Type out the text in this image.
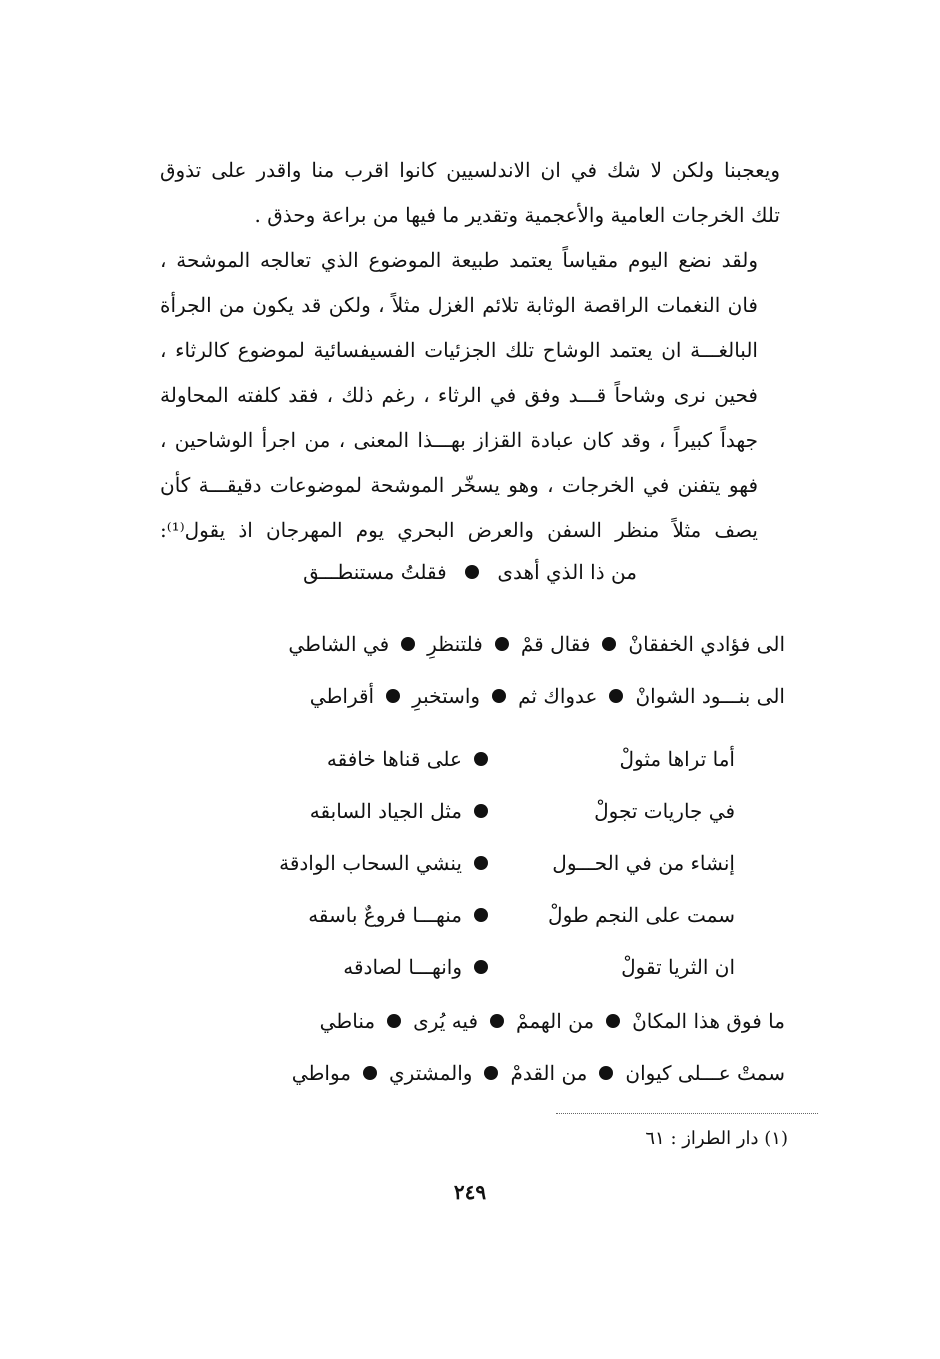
ويعجبنا ولكن لا شك في ان الاندلسيين كانوا اقرب منا واقدر على تذوق
تلك الخرجات العامية والأعجمية وتقدير ما فيها من براعة وحذق .

ولقد نضع اليوم مقياساً يعتمد طبيعة الموضوع الذي تعالجه الموشحة ،
فان النغمات الراقصة الوثابة تلائم الغزل مثلاً ، ولكن قد يكون من الجرأة
البالغـــة ان يعتمد الوشاح تلك الجزئيات الفسيفسائية لموضوع كالرثاء ،
فحين نرى وشاحاً قـــد وفق في الرثاء ، رغم ذلك ، فقد كلفته المحاولة
جهداً كبيراً ، وقد كان عبادة القزاز بهـــذا المعنى ، من اجرأ الوشاحين ،
فهو يتفنن في الخرجات ، وهو يسخّر الموشحة لموضوعات دقيقـــة كأن
يصف مثلاً منظر السفن والعرض البحري يوم المهرجان اذ يقول⁽¹⁾:

من ذا الذي أهدى  فقلتُ مستنطـــق
الى فؤادي الخفقانْ
فقال قمْ
فلتنظرِ
في الشاطي
الى بنـــود الشوانْ
عدواك ثم
واستخبرِ
أقراطي
أما تراها مثولْ
على قناها خافقه
في جاريات تجولْ
مثل الجياد السابقه
إنشاء من في الحـــول
ينشي السحاب الوادقة
سمت على النجم طولْ
منهـــا فروعٌ باسقه
ان الثريا تقولْ
وانهـــا لصادقه
ما فوق هذا المكانْ
من الهممْ
فيه يُرى
مناطي
سمتْ عـــلى كيوان
من القدمْ
والمشتري
مواطي
(١) دار الطراز : ٦١
٢٤٩
